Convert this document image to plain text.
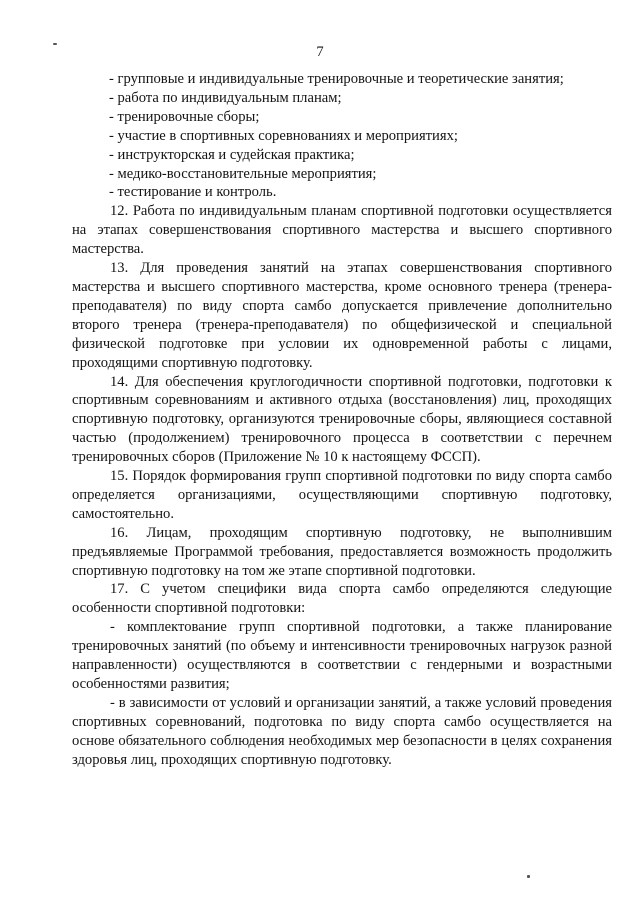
7

- групповые и индивидуальные тренировочные и теоретические занятия;

- работа по индивидуальным планам;

- тренировочные сборы;

- участие в спортивных соревнованиях и мероприятиях;

- инструкторская и судейская практика;

- медико-восстановительные мероприятия;

- тестирование и контроль.

12. Работа по индивидуальным планам спортивной подготовки осуществляется на этапах совершенствования спортивного мастерства и высшего спортивного мастерства.

13. Для проведения занятий на этапах совершенствования спортивного мастерства и высшего спортивного мастерства, кроме основного тренера (тренера-преподавателя) по виду спорта самбо допускается привлечение дополнительно второго тренера (тренера-преподавателя) по общефизической и специальной физической подготовке при условии их одновременной работы с лицами, проходящими спортивную подготовку.

14. Для обеспечения круглогодичности спортивной подготовки, подготовки к спортивным соревнованиям и активного отдыха (восстановления) лиц, проходящих спортивную подготовку, организуются тренировочные сборы, являющиеся составной частью (продолжением) тренировочного процесса в соответствии с перечнем тренировочных сборов (Приложение № 10 к настоящему ФССП).

15. Порядок формирования групп спортивной подготовки по виду спорта самбо определяется организациями, осуществляющими спортивную подготовку, самостоятельно.

16. Лицам, проходящим спортивную подготовку, не выполнившим предъявляемые Программой требования, предоставляется возможность продолжить спортивную подготовку на том же этапе спортивной подготовки.

17. С учетом специфики вида спорта самбо определяются следующие особенности спортивной подготовки:

- комплектование групп спортивной подготовки, а также планирование тренировочных занятий (по объему и интенсивности тренировочных нагрузок разной направленности) осуществляются в соответствии с гендерными и возрастными особенностями развития;

- в зависимости от условий и организации занятий, а также условий проведения спортивных соревнований, подготовка по виду спорта самбо осуществляется на основе обязательного соблюдения необходимых мер безопасности в целях сохранения здоровья лиц, проходящих спортивную подготовку.
